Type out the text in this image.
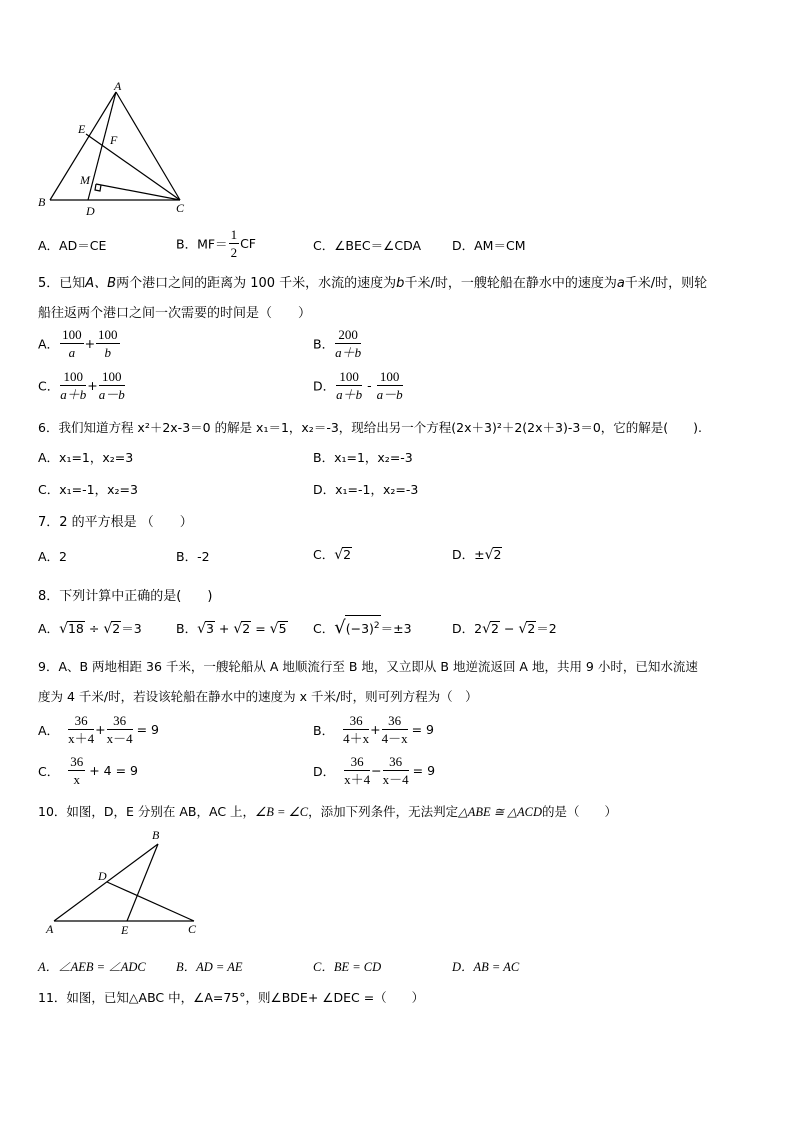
A
E
F
M
B
D	C
A．AD＝CE	B．$MF= \frac{1}{2}$ CF	C．∠BEC＝∠CDA D．AM＝CM
5．已知A、B两个港口之间的距离为 100 千米，水流的速度为b千米/时，一艘轮船在静水中的速度为a千米/时，则轮
船往返两个港口之间一次需要的时间是（　　）
A． $\frac{100}{a} + \frac{100}{b}$	B． $\frac{200}{a+b}$
C． $\frac{100}{a+b} + \frac{100}{a-b}$	D． $\frac{100}{a+b} - \frac{100}{a-b}$
6．我们知道方程 x²＋2x-3＝0 的解是 x₁＝1，x₂＝-3，现给出另一个方程(2x＋3)²＋2(2x＋3)-3＝0，它的解是(　　).
A．x₁=1，x₂=3	B．x₁=1，x₂=-3
C．x₁=-1，x₂=3	D．x₁=-1，x₂=-3
7．2 的平方根是 （　　）
A．2	B．-2	C．√2	D．±√2
8．下列计算中正确的是(　　)
A．√18 ÷ √2＝3	B．√3 + √2 = √5 C．$√(-3)^2=\pm 3$	D．2√2 − √2＝2
9．A、B 两地相距 36 千米，一艘轮船从 A 地顺流行至 B 地，又立即从 B 地逆流返回 A 地，共用 9 小时，已知水流速
度为 4 千米/时，若设该轮船在静水中的速度为 x 千米/时，则可列方程为（　）
A． $\frac{36}{x+4} + \frac{36}{x-4} = 9$	B． $\frac{36}{4+x} + \frac{36}{4-x} = 9$
C． $\frac{36}{x} + 4 = 9$	D． $\frac{36}{x+4} - \frac{36}{x-4} = 9$
10．如图，D，E 分别在 AB，AC 上，∠B = ∠C，添加下列条件，无法判定△ABE ≅ △ACD的是（　　）
B
D
A	E	C
A．∠AEB = ∠ADC B．AD = AE	C．BE = CD	D．AB = AC
11．如图，已知△ABC 中，∠A=75°，则∠BDE+ ∠DEC =（　　）
